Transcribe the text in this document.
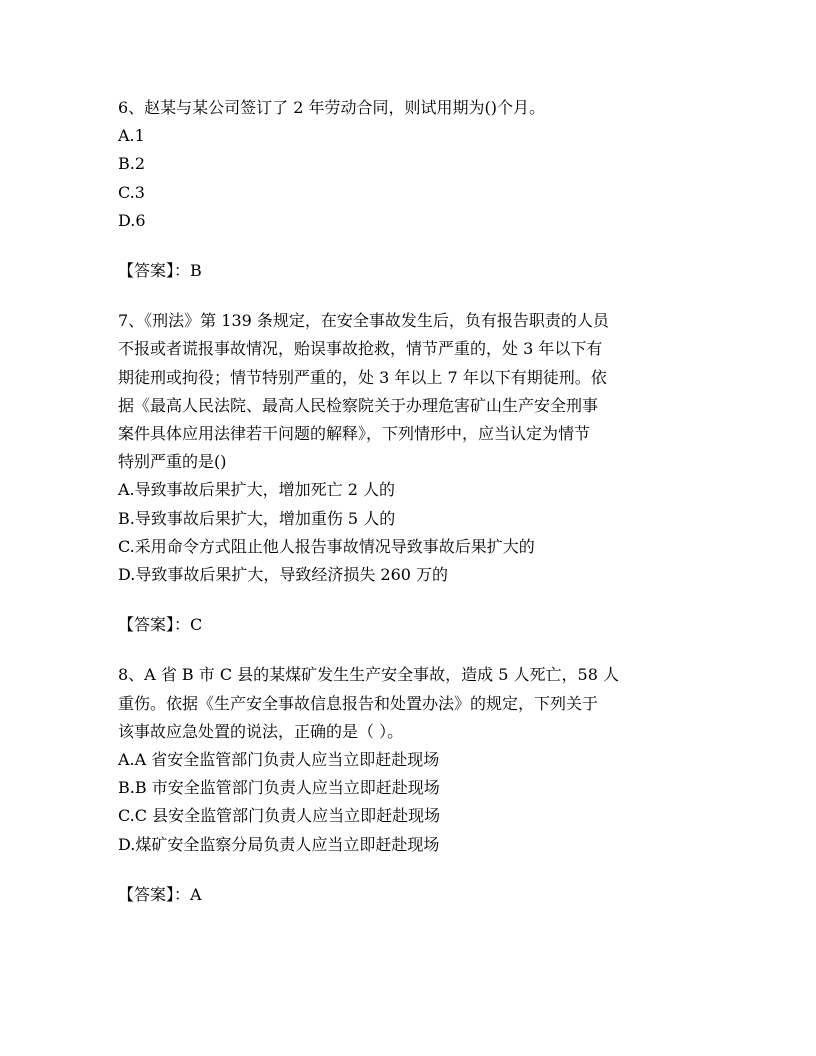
6、赵某与某公司签订了 2 年劳动合同，则试用期为()个月。
A.1
B.2
C.3
D.6
【答案】：B
7、《刑法》第 139 条规定，在安全事故发生后，负有报告职责的人员
不报或者谎报事故情况，贻误事故抢救，情节严重的，处 3 年以下有
期徒刑或拘役；情节特别严重的，处 3 年以上 7 年以下有期徒刑。依
据《最高人民法院、最高人民检察院关于办理危害矿山生产安全刑事
案件具体应用法律若干问题的解释》，下列情形中，应当认定为情节
特别严重的是()
A.导致事故后果扩大，增加死亡 2 人的
B.导致事故后果扩大，增加重伤 5 人的
C.采用命令方式阻止他人报告事故情况导致事故后果扩大的
D.导致事故后果扩大，导致经济损失 260 万的
【答案】：C
8、A 省 B 市 C 县的某煤矿发生生产安全事故，造成 5 人死亡，58 人
重伤。依据《生产安全事故信息报告和处置办法》的规定，下列关于
该事故应急处置的说法，正确的是（ ）。
A.A 省安全监管部门负责人应当立即赶赴现场
B.B 市安全监管部门负责人应当立即赶赴现场
C.C 县安全监管部门负责人应当立即赶赴现场
D.煤矿安全监察分局负责人应当立即赶赴现场
【答案】：A
